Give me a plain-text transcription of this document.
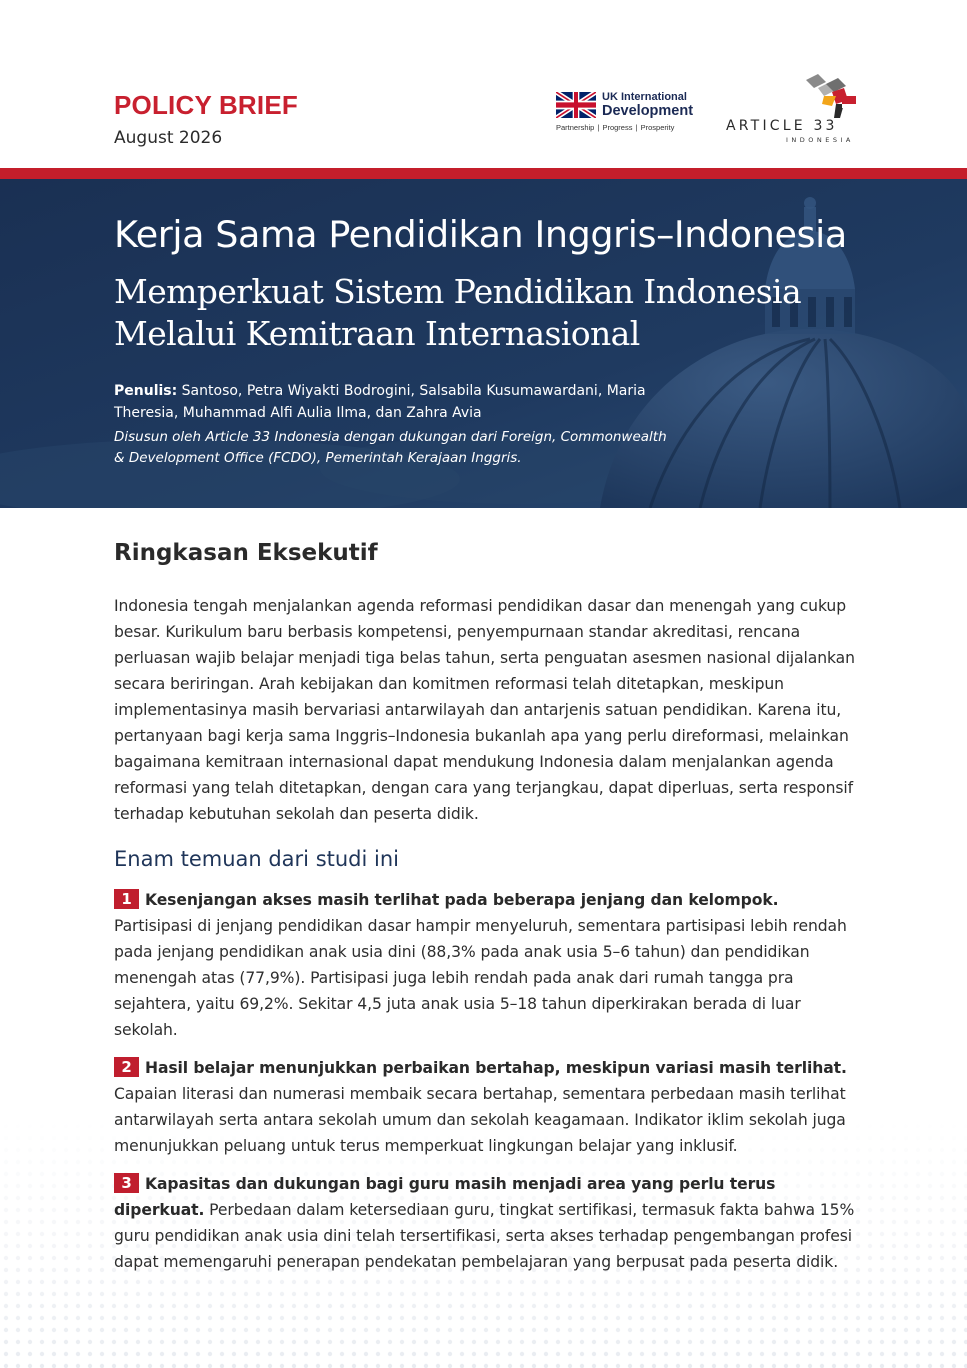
POLICY BRIEF
August 2026
UK International
Development
Partnership | Progress | Prosperity	ARTICLE 33
INDONESIA
Kerja Sama Pendidikan Inggris–Indonesia
Memperkuat Sistem Pendidikan Indonesia
Melalui Kemitraan Internasional
Penulis: Santoso, Petra Wiyakti Bodrogini, Salsabila Kusumawardani, Maria Theresia, Muhammad Alfi Aulia Ilma, dan Zahra Avia
Disusun oleh Article 33 Indonesia dengan dukungan dari Foreign, Commonwealth & Development Office (FCDO), Pemerintah Kerajaan Inggris.
Ringkasan Eksekutif

Indonesia tengah menjalankan agenda reformasi pendidikan dasar dan menengah yang cukup besar. Kurikulum baru berbasis kompetensi, penyempurnaan standar akreditasi, rencana perluasan wajib belajar menjadi tiga belas tahun, serta penguatan asesmen nasional dijalankan secara beriringan. Arah kebijakan dan komitmen reformasi telah ditetapkan, meskipun implementasinya masih bervariasi antarwilayah dan antarjenis satuan pendidikan. Karena itu, pertanyaan bagi kerja sama Inggris–Indonesia bukanlah apa yang perlu direformasi, melainkan bagaimana kemitraan internasional dapat mendukung Indonesia dalam menjalankan agenda reformasi yang telah ditetapkan, dengan cara yang terjangkau, dapat diperluas, serta responsif terhadap kebutuhan sekolah dan peserta didik.

Enam temuan dari studi ini

1 Kesenjangan akses masih terlihat pada beberapa jenjang dan kelompok. Partisipasi di jenjang pendidikan dasar hampir menyeluruh, sementara partisipasi lebih rendah pada jenjang pendidikan anak usia dini (88,3% pada anak usia 5–6 tahun) dan pendidikan menengah atas (77,9%). Partisipasi juga lebih rendah pada anak dari rumah tangga pra sejahtera, yaitu 69,2%. Sekitar 4,5 juta anak usia 5–18 tahun diperkirakan berada di luar sekolah.

2 Hasil belajar menunjukkan perbaikan bertahap, meskipun variasi masih terlihat. Capaian literasi dan numerasi membaik secara bertahap, sementara perbedaan masih terlihat antarwilayah serta antara sekolah umum dan sekolah keagamaan. Indikator iklim sekolah juga menunjukkan peluang untuk terus memperkuat lingkungan belajar yang inklusif.

3 Kapasitas dan dukungan bagi guru masih menjadi area yang perlu terus diperkuat. Perbedaan dalam ketersediaan guru, tingkat sertifikasi, termasuk fakta bahwa 15% guru pendidikan anak usia dini telah tersertifikasi, serta akses terhadap pengembangan profesi dapat memengaruhi penerapan pendekatan pembelajaran yang berpusat pada peserta didik.
